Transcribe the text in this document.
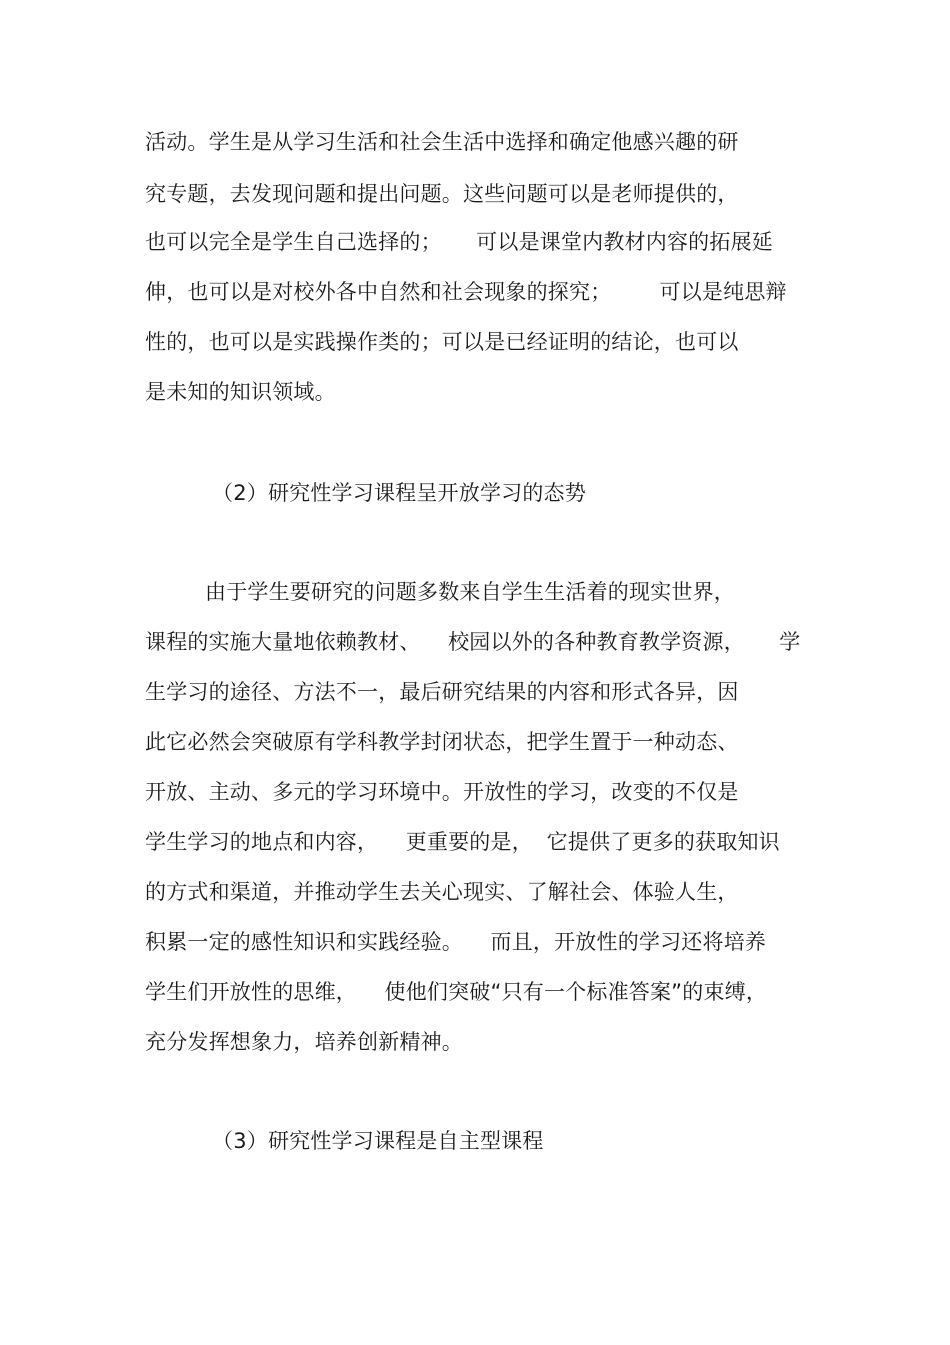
活动。学生是从学习生活和社会生活中选择和确定他感兴趣的研
究专题，去发现问题和提出问题。这些问题可以是老师提供的，
也可以完全是学生自己选择的；     可以是课堂内教材内容的拓展延
伸，也可以是对校外各中自然和社会现象的探究；       可以是纯思辩
性的，也可以是实践操作类的；可以是已经证明的结论，也可以
是未知的知识领域。
（2）研究性学习课程呈开放学习的态势
由于学生要研究的问题多数来自学生生活着的现实世界，
课程的实施大量地依赖教材、    校园以外的各种教育教学资源，     学
生学习的途径、方法不一，最后研究结果的内容和形式各异，因
此它必然会突破原有学科教学封闭状态，把学生置于一种动态、
开放、主动、多元的学习环境中。开放性的学习，改变的不仅是
学生学习的地点和内容，    更重要的是，  它提供了更多的获取知识
的方式和渠道，并推动学生去关心现实、了解社会、体验人生，
积累一定的感性知识和实践经验。    而且，开放性的学习还将培养
学生们开放性的思维，    使他们突破“只有一个标准答案”的束缚，
充分发挥想象力，培养创新精神。
（3）研究性学习课程是自主型课程
